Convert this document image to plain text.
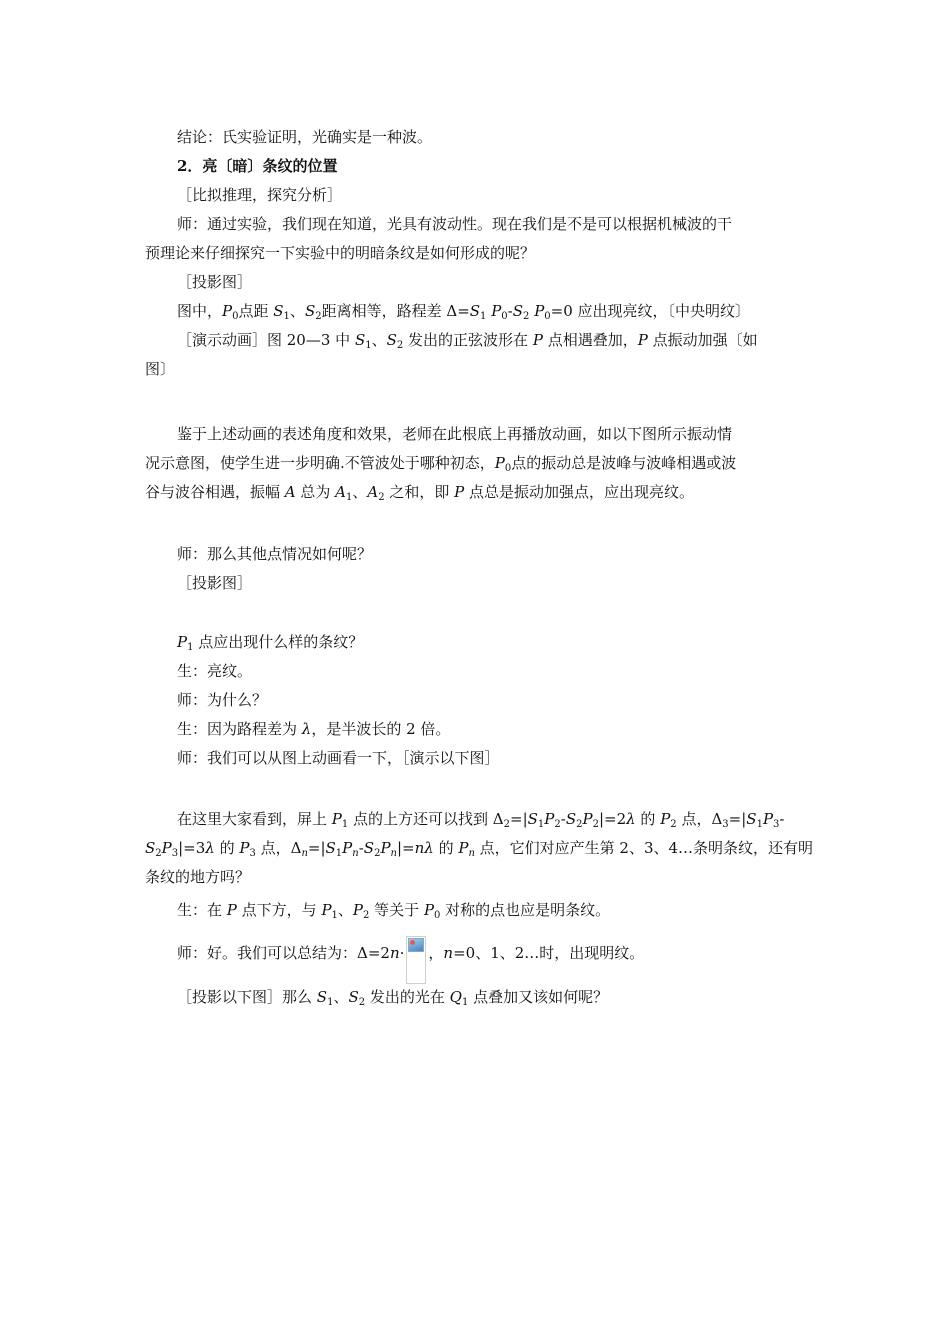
结论：氏实验证明，光确实是一种波。
2．亮〔暗〕条纹的位置
［比拟推理，探究分析］
师：通过实验，我们现在知道，光具有波动性。现在我们是不是可以根据机械波的干
预理论来仔细探究一下实验中的明暗条纹是如何形成的呢？
［投影图］
图中，$P_0$点距 $S_1$、$S_2$距离相等，路程差 $\Delta=S_1$ $P_0-S_2$ $P_0=0$ 应出现亮纹，〔中央明纹〕
［演示动画］图 20—3 中 $S_1$、$S_2$ 发出的正弦波形在 P 点相遇叠加，P 点振动加强〔如
图〕
鉴于上述动画的表述角度和效果，老师在此根底上再播放动画，如以下图所示振动情
况示意图，使学生进一步明确.不管波处于哪种初态，$P_0$点的振动总是波峰与波峰相遇或波
谷与波谷相遇，振幅 A 总为 $A_1$、$A_2$ 之和，即 P 点总是振动加强点，应出现亮纹。
师：那么其他点情况如何呢？
［投影图］
$P_1$ 点应出现什么样的条纹？
生：亮纹。
师：为什么？
生：因为路程差为 λ，是半波长的 2 倍。
师：我们可以从图上动画看一下，［演示以下图］
在这里大家看到，屏上 $P_1$ 点的上方还可以找到 $\Delta_2=|S_1P_2-S_2P_2|=2\lambda$ 的 $P_2$ 点，$\Delta_3=|S_1P_3-$
$S_2P_3|=3\lambda$ 的 $P_3$ 点，$\Delta_n=|S_1P_n-S_2P_n|=n\lambda$ 的 $P_n$ 点，它们对应产生第 2、3、4…条明条纹，还有明
条纹的地方吗？
生：在 P 点下方，与 $P_1$、$P_2$ 等关于 $P_0$ 对称的点也应是明条纹。
师：好。我们可以总结为：Δ=2n· ，n=0、1、2…时，出现明纹。
［投影以下图］那么 $S_1$、$S_2$ 发出的光在 $Q_1$ 点叠加又该如何呢？
